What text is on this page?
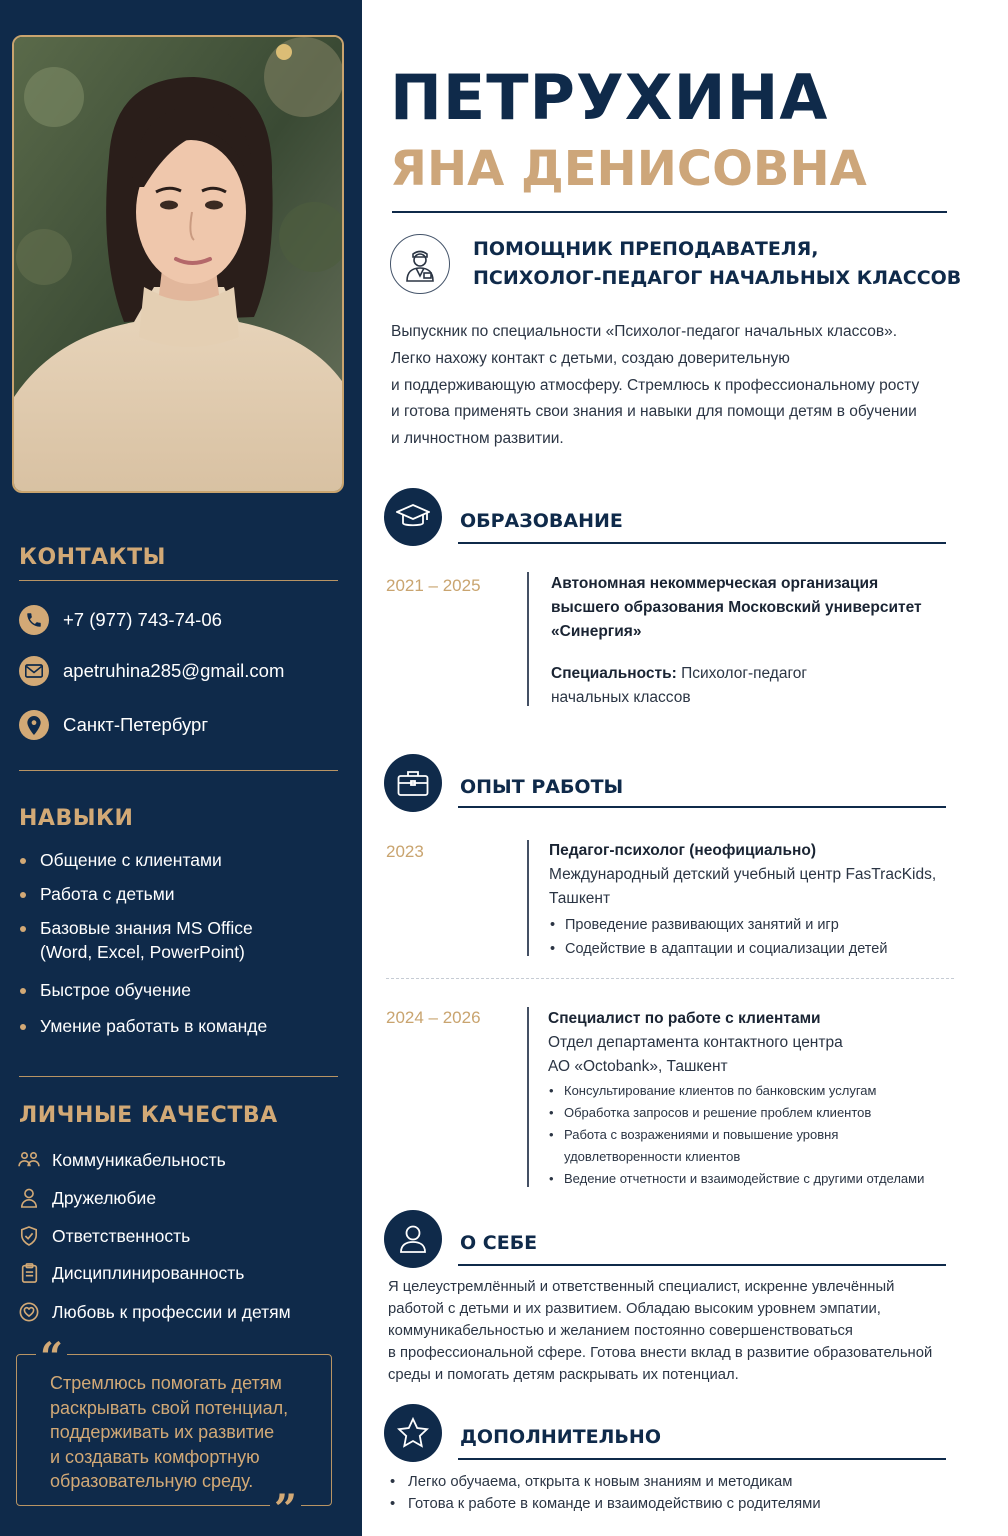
КОНТАКТЫ
+7 (977) 743-74-06
apetruhina285@gmail.com
Санкт-Петербург
НАВЫКИ
Общение с клиентами
Работа с детьми
Базовые знания MS Office
(Word, Excel, PowerPoint)
Быстрое обучение
Умение работать в команде
ЛИЧНЫЕ КАЧЕСТВА
Коммуникабельность
Дружелюбие
Ответственность
Дисциплинированность
Любовь к профессии и детям
“
”
Стремлюсь помогать детям
раскрывать свой потенциал,
поддерживать их развитие
и создавать комфортную
образовательную среду.
ПЕТРУХИНА
ЯНА ДЕНИСОВНА
ПОМОЩНИК ПРЕПОДАВАТЕЛЯ,
ПСИХОЛОГ-ПЕДАГОГ НАЧАЛЬНЫХ КЛАССОВ
Выпускник по специальности «Психолог-педагог начальных классов».
Легко нахожу контакт с детьми, создаю доверительную
и поддерживающую атмосферу. Стремлюсь к профессиональному росту
и готова применять свои знания и навыки для помощи детям в обучении
и личностном развитии.
ОБРАЗОВАНИЕ
2021 – 2025	Автономная некоммерческая организация
высшего образования Московский университет
«Синергия»
Специальность: Психолог-педагог
начальных классов
ОПЫТ РАБОТЫ
2023	Педагог-психолог (неофициально)
Международный детский учебный центр FasTracKids,
Ташкент
• Проведение развивающих занятий и игр
• Содействие в адаптации и социализации детей
2024 – 2026	Специалист по работе с клиентами
Отдел департамента контактного центра
АО «Octobank», Ташкент
• Консультирование клиентов по банковским услугам
• Обработка запросов и решение проблем клиентов
• Работа с возражениями и повышение уровня
удовлетворенности клиентов
• Ведение отчетности и взаимодействие с другими отделами
О СЕБЕ
Я целеустремлённый и ответственный специалист, искренне увлечённый
работой с детьми и их развитием. Обладаю высоким уровнем эмпатии,
коммуникабельностью и желанием постоянно совершенствоваться
в профессиональной сфере. Готова внести вклад в развитие образовательной
среды и помогать детям раскрывать их потенциал.
ДОПОЛНИТЕЛЬНО
• Легко обучаема, открыта к новым знаниям и методикам
• Готова к работе в команде и взаимодействию с родителями
